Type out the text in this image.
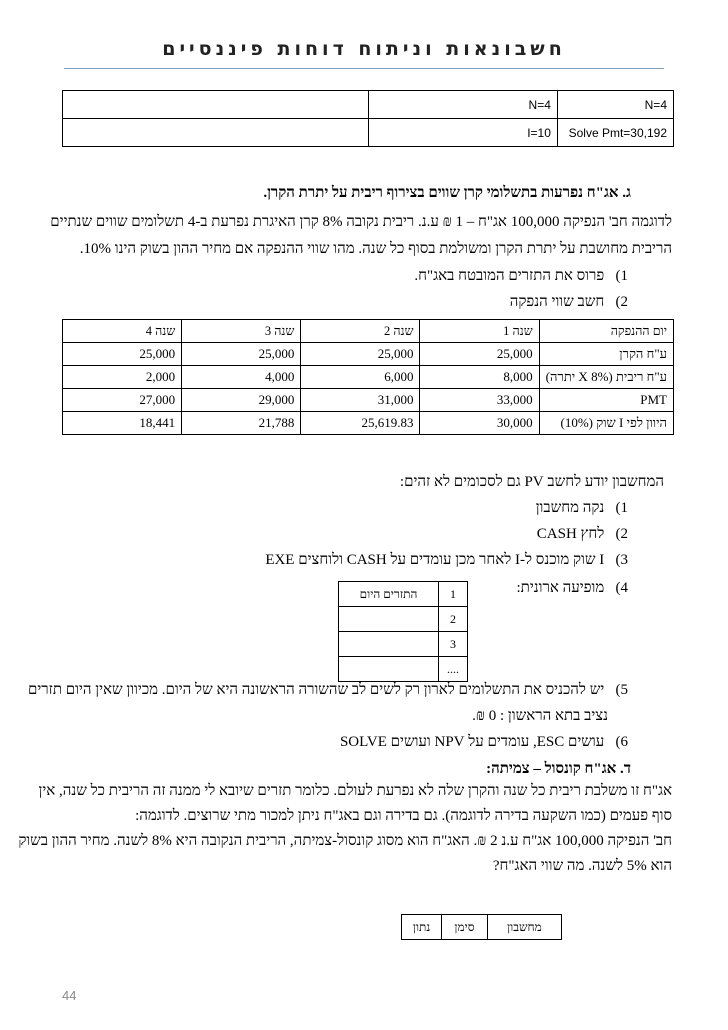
חשבונאות וניתוח דוחות פיננסיים
	N=4	N=4
	I=10	Solve Pmt=30,192
ג. אג"ח נפרעות בתשלומי קרן שווים בצירוף ריבית על יתרת הקרן.
לדוגמה חב' הנפיקה 100,000 אג"ח – 1 ₪ ע.נ. ריבית נקובה 8% קרן האיגרת נפרעת ב-4 תשלומים שווים שנתיים
הריבית מחושבת על יתרת הקרן ומשולמת בסוף כל שנה. מהו שווי ההנפקה אם מחיר ההון בשוק הינו 10%.
1) פרוס את התזרים המובטח באג"ח.
2) חשב שווי הנפקה
יום ההנפקה	שנה 1	שנה 2	שנה 3	שנה 4
ע"ח הקרן	25,000	25,000	25,000	25,000
ע"ח ריבית (8% X יתרה)	8,000	6,000	4,000	2,000
PMT	33,000	31,000	29,000	27,000
היוון לפי I שוק (10%)	30,000	25,619.83	21,788	18,441
המחשבון יודע לחשב PV גם לסכומים לא זהים:
1) נקה מחשבון
2) לחץ CASH
3) I שוק מוכנס ל-I לאחר מכן עומדים על CASH ולוחצים EXE
4) מופיעה ארונית:
1	התזרים היום
2	
3	
....	
5) יש להכניס את התשלומים לארון רק לשים לב שהשורה הראשונה היא של היום. מכיוון שאין היום תזרים
נציב בתא הראשון : 0 ₪.
6) עושים ESC, עומדים על NPV ועושים SOLVE
ד. אג"ח קונסול – צמיתה:
אג"ח זו משלבת ריבית כל שנה והקרן שלה לא נפרעת לעולם. כלומר תזרים שיובא לי ממנה זה הריבית כל שנה, אין
סוף פעמים (כמו השקעה בדירה לדוגמה). גם בדירה וגם באג"ח ניתן למכור מתי שרוצים. לדוגמה:
חב' הנפיקה 100,000 אג"ח ע.נ 2 ₪. האג"ח הוא מסוג קונסול-צמיתה, הריבית הנקובה היא 8% לשנה. מחיר ההון בשוק
הוא 5% לשנה. מה שווי האג"ח?
מחשבון	סימן	נתון
44
